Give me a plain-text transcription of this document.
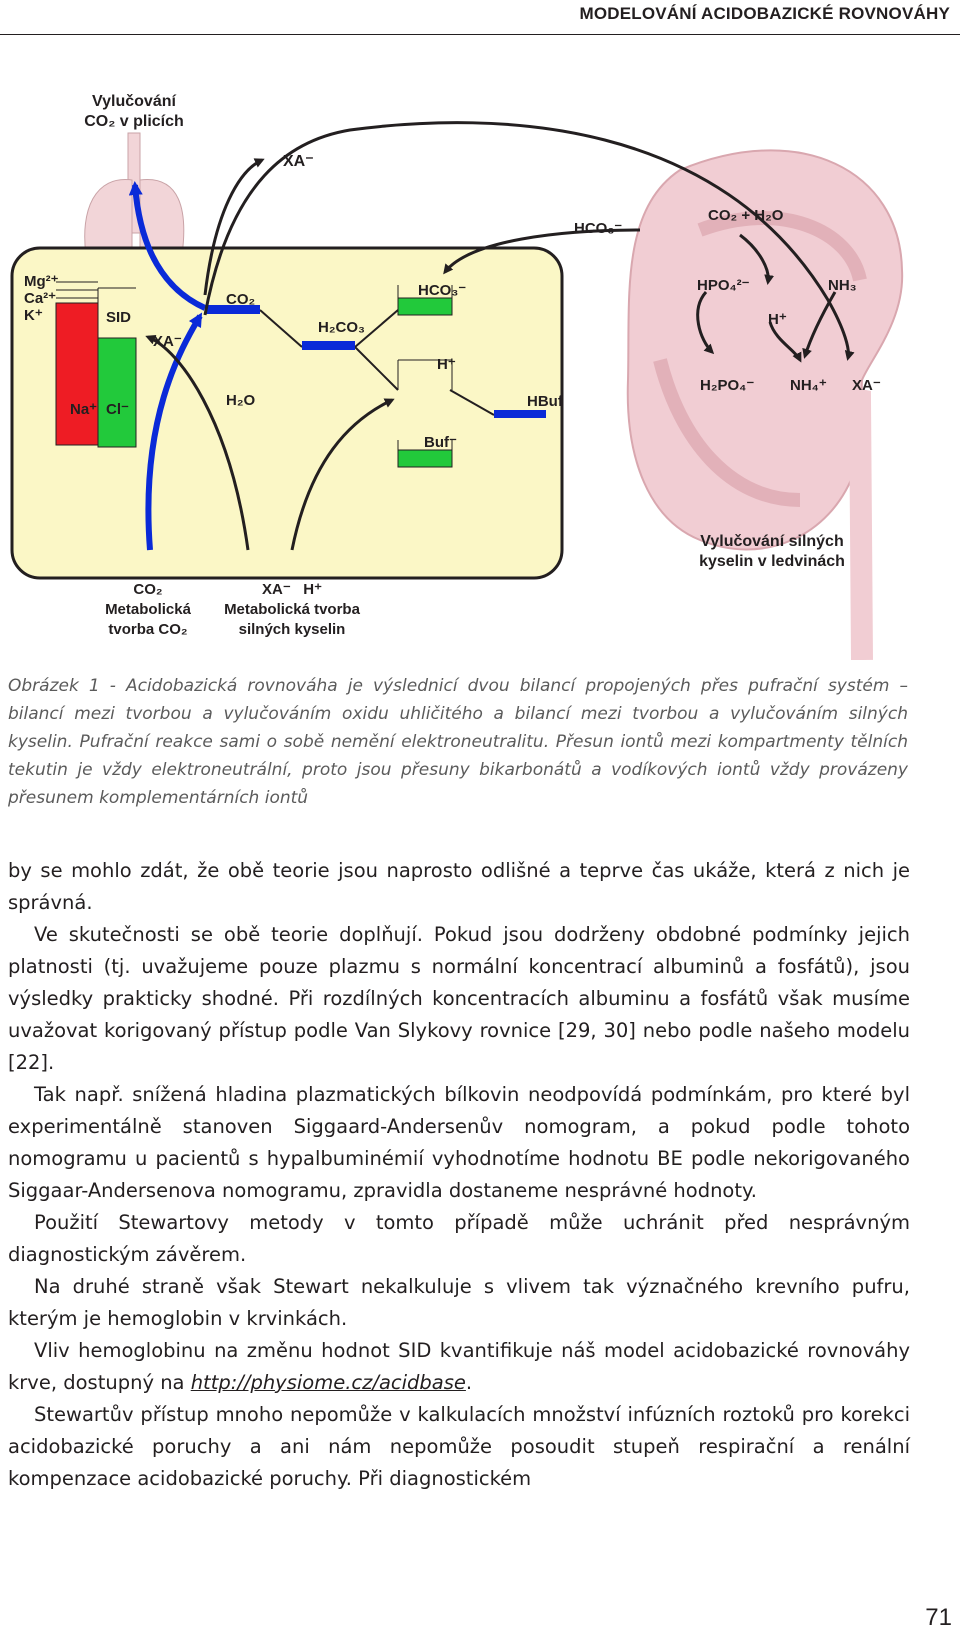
MODELOVÁNÍ ACIDOBAZICKÉ ROVNOVÁHY
Vylučování
CO₂ v plicích
XA⁻
HCO₃⁻
CO₂ + H₂O
HPO₄²⁻	NH₃
H⁺
H₂PO₄⁻ NH₄⁺ XA⁻
Mg²⁺
Ca²⁺
K⁺	SID
XA⁻
Na⁺ Cl⁻
CO₂
H₂O
H₂CO₃
HCO₃⁻
H⁺
HBuf
Buf⁻
Vylučování silných
kyselin v ledvinách
CO₂
Metabolická
tvorba CO₂
XA⁻   H⁺
Metabolická tvorba
silných kyselin

Obrázek 1 - Acidobazická rovnováha je výslednicí dvou bilancí propojených přes pufrační systém – bilancí mezi tvorbou a vylučováním oxidu uhličitého a bilancí mezi tvorbou a vylučováním silných kyselin. Pufrační reakce sami o sobě nemění elektroneutralitu. Přesun iontů mezi kompartmenty tělních tekutin je vždy elektroneutrální, proto jsou přesuny bikarbonátů a vodíkových iontů vždy provázeny přesunem komplementárních iontů

by se mohlo zdát, že obě teorie jsou naprosto odlišné a teprve čas ukáže, která z nich je správná.

Ve skutečnosti se obě teorie doplňují. Pokud jsou dodrženy obdobné podmínky jejich platnosti (tj. uvažujeme pouze plazmu s normální koncentrací albuminů a fosfátů), jsou výsledky prakticky shodné. Při rozdílných koncentracích albuminu a fosfátů však musíme uvažovat korigovaný přístup podle Van Slykovy rovnice [29, 30] nebo podle našeho modelu [22].

Tak např. snížená hladina plazmatických bílkovin neodpovídá podmínkám, pro které byl experimentálně stanoven Siggaard-Andersenův nomogram, a pokud podle tohoto nomogramu u pacientů s hypalbuminémií vyhodnotíme hodnotu BE podle nekorigovaného Siggaar-Andersenova nomogramu, zpravidla dostaneme nesprávné hodnoty.

Použití Stewartovy metody v tomto případě může uchránit před nesprávným diagnostickým závěrem.

Na druhé straně však Stewart nekalkuluje s vlivem tak význačného krevního pufru, kterým je hemoglobin v krvinkách.

Vliv hemoglobinu na změnu hodnot SID kvantifikuje náš model acidobazické rovnováhy krve, dostupný na http://physiome.cz/acidbase.

Stewartův přístup mnoho nepomůže v kalkulacích množství infúzních roztoků pro korekci acidobazické poruchy a ani nám nepomůže posoudit stupeň respirační a renální kompenzace acidobazické poruchy. Při diagnostickém

71
